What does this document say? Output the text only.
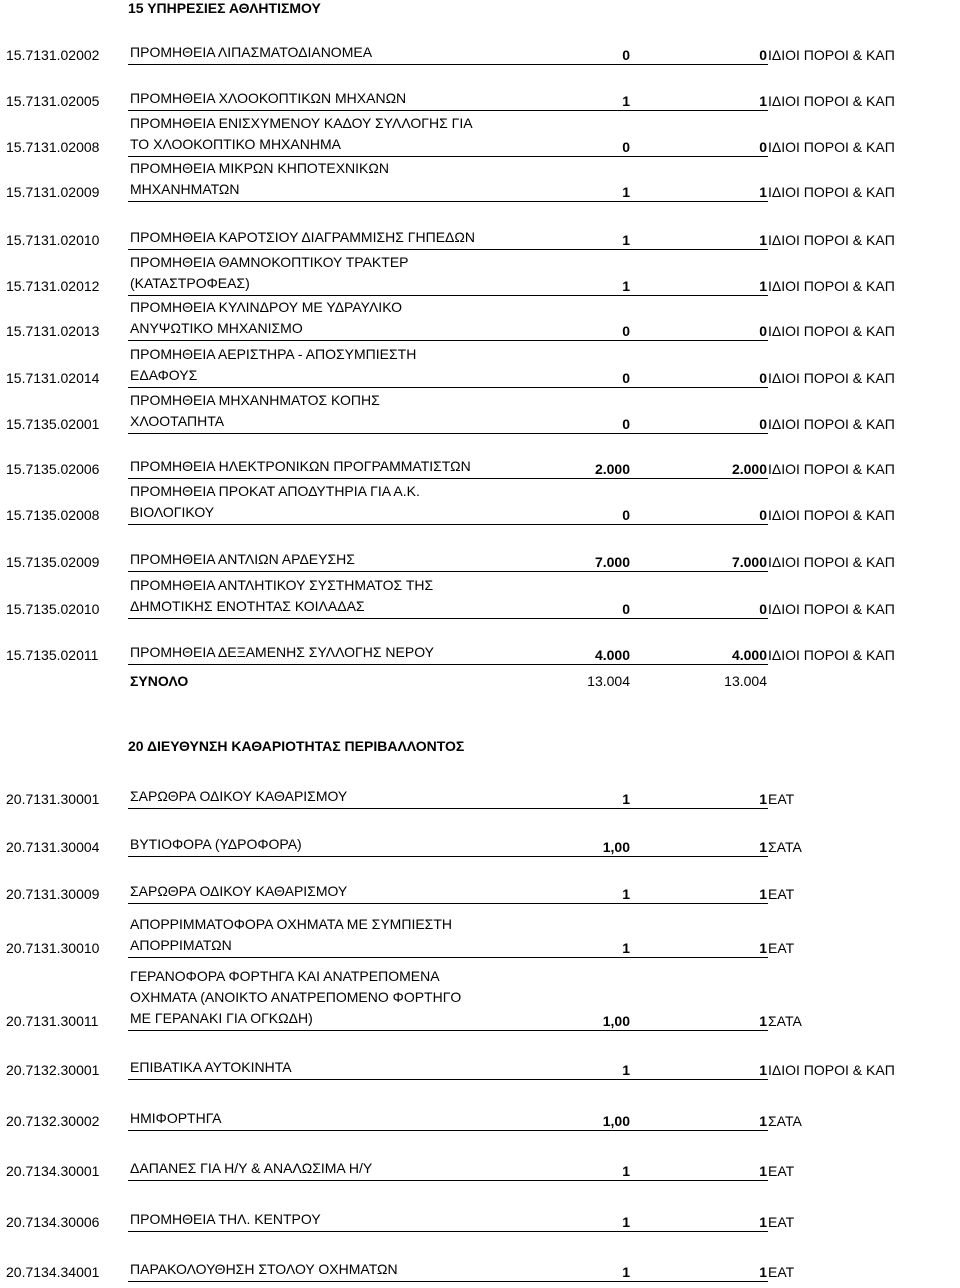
15 ΥΠΗΡΕΣΙΕΣ ΑΘΛΗΤΙΣΜΟΥ
15.7131.02002 ΠΡΟΜΗΘΕΙΑ ΛΙΠΑΣΜΑΤΟΔΙΑΝΟΜΕΑ	0	0 ΙΔΙΟΙ ΠΟΡΟΙ & ΚΑΠ
15.7131.02005 ΠΡΟΜΗΘΕΙΑ ΧΛΟΟΚΟΠΤΙΚΩΝ ΜΗΧΑΝΩΝ	1	1 ΙΔΙΟΙ ΠΟΡΟΙ & ΚΑΠ
15.7131.02008
ΠΡΟΜΗΘΕΙΑ ΕΝΙΣΧΥΜΕΝΟΥ ΚΑΔΟΥ ΣΥΛΛΟΓΗΣ ΓΙΑ
ΤΟ ΧΛΟΟΚΟΠΤΙΚΟ ΜΗΧΑΝΗΜΑ	0	0 ΙΔΙΟΙ ΠΟΡΟΙ & ΚΑΠ
15.7131.02009
ΠΡΟΜΗΘΕΙΑ ΜΙΚΡΩΝ ΚΗΠΟΤΕΧΝΙΚΩΝ
ΜΗΧΑΝΗΜΑΤΩΝ	1	1 ΙΔΙΟΙ ΠΟΡΟΙ & ΚΑΠ
15.7131.02010 ΠΡΟΜΗΘΕΙΑ ΚΑΡΟΤΣΙΟΥ ΔΙΑΓΡΑΜΜΙΣΗΣ ΓΗΠΕΔΩΝ	1	1 ΙΔΙΟΙ ΠΟΡΟΙ & ΚΑΠ
15.7131.02012
ΠΡΟΜΗΘΕΙΑ ΘΑΜΝΟΚΟΠΤΙΚΟΥ ΤΡΑΚΤΕΡ
(ΚΑΤΑΣΤΡΟΦΕΑΣ)	1	1 ΙΔΙΟΙ ΠΟΡΟΙ & ΚΑΠ
15.7131.02013
ΠΡΟΜΗΘΕΙΑ ΚΥΛΙΝΔΡΟΥ ΜΕ ΥΔΡΑΥΛΙΚΟ
ΑΝΥΨΩΤΙΚΟ ΜΗΧΑΝΙΣΜΟ	0	0 ΙΔΙΟΙ ΠΟΡΟΙ & ΚΑΠ
15.7131.02014
ΠΡΟΜΗΘΕΙΑ ΑΕΡΙΣΤΗΡΑ - ΑΠΟΣΥΜΠΙΕΣΤΗ
ΕΔΑΦΟΥΣ	0	0 ΙΔΙΟΙ ΠΟΡΟΙ & ΚΑΠ
15.7135.02001
ΠΡΟΜΗΘΕΙΑ ΜΗΧΑΝΗΜΑΤΟΣ ΚΟΠΗΣ
ΧΛΟΟΤΑΠΗΤΑ	0	0 ΙΔΙΟΙ ΠΟΡΟΙ & ΚΑΠ
15.7135.02006 ΠΡΟΜΗΘΕΙΑ ΗΛΕΚΤΡΟΝΙΚΩΝ ΠΡΟΓΡΑΜΜΑΤΙΣΤΩΝ	2.000	2.000 ΙΔΙΟΙ ΠΟΡΟΙ & ΚΑΠ
15.7135.02008
ΠΡΟΜΗΘΕΙΑ ΠΡΟΚΑΤ ΑΠΟΔΥΤΗΡΙΑ ΓΙΑ Α.Κ.
ΒΙΟΛΟΓΙΚΟΥ	0	0 ΙΔΙΟΙ ΠΟΡΟΙ & ΚΑΠ
15.7135.02009 ΠΡΟΜΗΘΕΙΑ ΑΝΤΛΙΩΝ ΑΡΔΕΥΣΗΣ	7.000	7.000 ΙΔΙΟΙ ΠΟΡΟΙ & ΚΑΠ
15.7135.02010
ΠΡΟΜΗΘΕΙΑ ΑΝΤΛΗΤΙΚΟΥ ΣΥΣΤΗΜΑΤΟΣ ΤΗΣ
ΔΗΜΟΤΙΚΗΣ ΕΝΟΤΗΤΑΣ ΚΟΙΛΑΔΑΣ	0	0 ΙΔΙΟΙ ΠΟΡΟΙ & ΚΑΠ
15.7135.02011 ΠΡΟΜΗΘΕΙΑ ΔΕΞΑΜΕΝΗΣ ΣΥΛΛΟΓΗΣ ΝΕΡΟΥ	4.000	4.000 ΙΔΙΟΙ ΠΟΡΟΙ & ΚΑΠ
ΣΥΝΟΛΟ	13.004	13.004
20 ΔΙΕΥΘΥΝΣΗ ΚΑΘΑΡΙΟΤΗΤΑΣ ΠΕΡΙΒΑΛΛΟΝΤΟΣ
20.7131.30001 ΣΑΡΩΘΡΑ ΟΔΙΚΟΥ ΚΑΘΑΡΙΣΜΟΥ	1	1 ΕΑΤ
20.7131.30004 ΒΥΤΙΟΦΟΡΑ (ΥΔΡΟΦΟΡΑ)	1,00	1 ΣΑΤΑ
20.7131.30009 ΣΑΡΩΘΡΑ ΟΔΙΚΟΥ ΚΑΘΑΡΙΣΜΟΥ	1	1 ΕΑΤ
20.7131.30010
ΑΠΟΡΡΙΜΜΑΤΟΦΟΡΑ ΟΧΗΜΑΤΑ ΜΕ ΣΥΜΠΙΕΣΤΗ
ΑΠΟΡΡΙΜΑΤΩΝ	1	1 ΕΑΤ
20.7131.30011
ΓΕΡΑΝΟΦΟΡΑ ΦΟΡΤΗΓΑ ΚΑΙ ΑΝΑΤΡΕΠΟΜΕΝΑ
ΟΧΗΜΑΤΑ (ΑΝΟΙΚΤΟ ΑΝΑΤΡΕΠΟΜΕΝΟ ΦΟΡΤΗΓΟ
ΜΕ ΓΕΡΑΝΑΚΙ ΓΙΑ ΟΓΚΩΔΗ)	1,00	1 ΣΑΤΑ
20.7132.30001 ΕΠΙΒΑΤΙΚΑ ΑΥΤΟΚΙΝΗΤΑ	1	1 ΙΔΙΟΙ ΠΟΡΟΙ & ΚΑΠ
20.7132.30002 ΗΜΙΦΟΡΤΗΓΑ	1,00	1 ΣΑΤΑ
20.7134.30001 ΔΑΠΑΝΕΣ ΓΙΑ Η/Υ & ΑΝΑΛΩΣΙΜΑ Η/Υ	1	1 ΕΑΤ
20.7134.30006 ΠΡΟΜΗΘΕΙΑ ΤΗΛ. ΚΕΝΤΡΟΥ	1	1 ΕΑΤ
20.7134.34001 ΠΑΡΑΚΟΛΟΥΘΗΣΗ ΣΤΟΛΟΥ ΟΧΗΜΑΤΩΝ	1	1 ΕΑΤ
